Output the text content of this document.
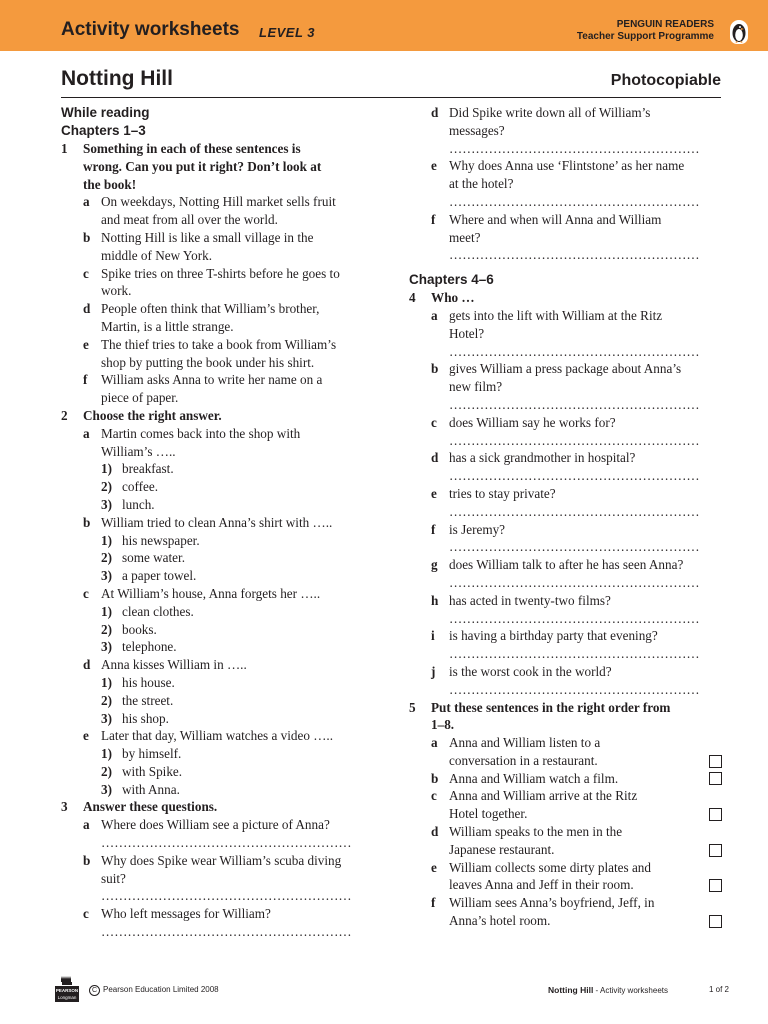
Activity worksheets LEVEL 3
PENGUIN READERS
Teacher Support Programme
Notting Hill	Photocopiable
While reading
Chapters 1–3
1 Something in each of these sentences is
wrong. Can you put it right? Don’t look at
the book!
a On weekdays, Notting Hill market sells fruit
and meat from all over the world.
b Notting Hill is like a small village in the
middle of New York.
c Spike tries on three T-shirts before he goes to
work.
d People often think that William’s brother,
Martin, is a little strange.
e The thief tries to take a book from William’s
shop by putting the book under his shirt.
f William asks Anna to write her name on a
piece of paper.
2 Choose the right answer.
a Martin comes back into the shop with
William’s …..
1) breakfast.
2) coffee.
3) lunch.
b William tried to clean Anna’s shirt with …..
1) his newspaper.
2) some water.
3) a paper towel.
c At William’s house, Anna forgets her …..
1) clean clothes.
2) books.
3) telephone.
d Anna kisses William in …..
1) his house.
2) the street.
3) his shop.
e Later that day, William watches a video …..
1) by himself.
2) with Spike.
3) with Anna.
3 Answer these questions.
a Where does William see a picture of Anna?
…………………………………………………
b Why does Spike wear William’s scuba diving
suit?
…………………………………………………
c Who left messages for William?
…………………………………………………
d Did Spike write down all of William’s
messages?
…………………………………………………
e Why does Anna use ‘Flintstone’ as her name
at the hotel?
…………………………………………………
f Where and when will Anna and William
meet?
…………………………………………………
Chapters 4–6
4 Who …
a gets into the lift with William at the Ritz
Hotel?
…………………………………………………
b gives William a press package about Anna’s
new film?
…………………………………………………
c does William say he works for?
…………………………………………………
d has a sick grandmother in hospital?
…………………………………………………
e tries to stay private?
…………………………………………………
f is Jeremy?
…………………………………………………
g does William talk to after he has seen Anna?
…………………………………………………
h has acted in twenty-two films?
…………………………………………………
i is having a birthday party that evening?
…………………………………………………
j is the worst cook in the world?
…………………………………………………
5 Put these sentences in the right order from
1–8.
a Anna and William listen to a
conversation in a restaurant.
b Anna and William watch a film.
c Anna and William arrive at the Ritz
Hotel together.
d William speaks to the men in the
Japanese restaurant.
e William collects some dirty plates and
leaves Anna and Jeff in their room.
f William sees Anna’s boyfriend, Jeff, in
Anna’s hotel room.
PEARSON
Longman
C Pearson Education Limited 2008	Notting Hill - Activity worksheets	1 of 2
